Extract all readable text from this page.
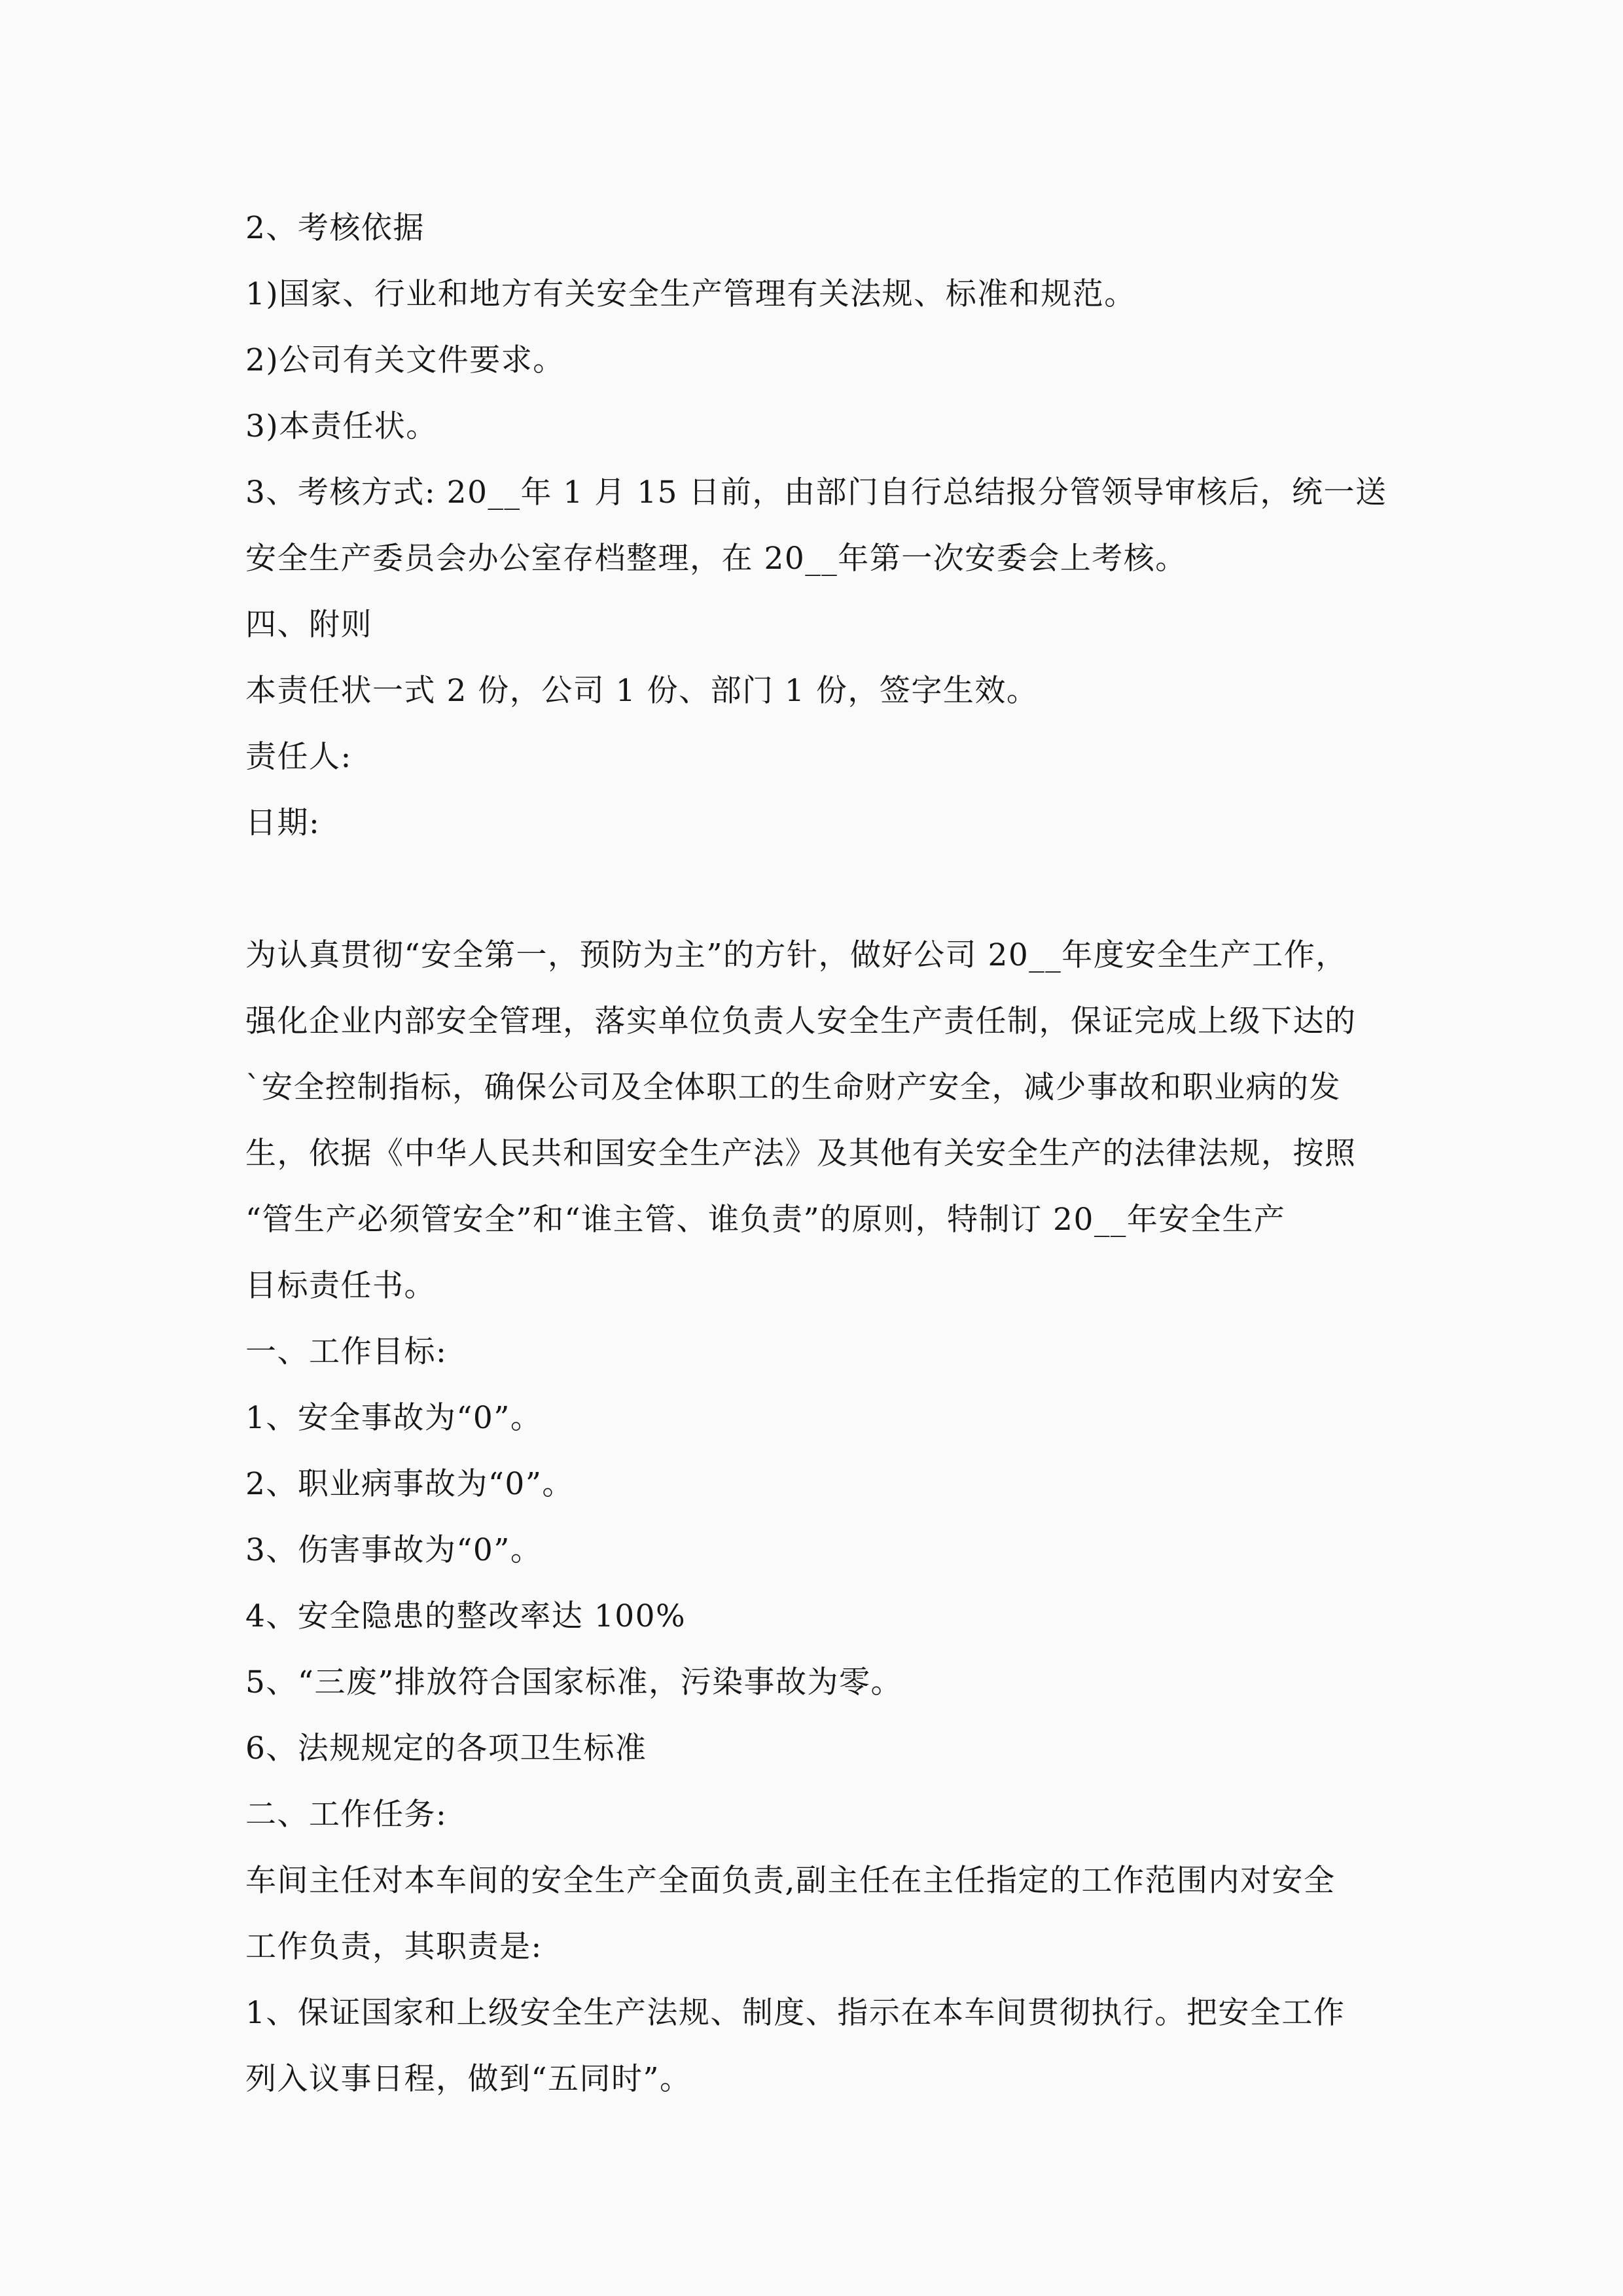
2、考核依据
1)国家、行业和地方有关安全生产管理有关法规、标准和规范。
2)公司有关文件要求。
3)本责任状。
3、考核方式: 20__年 1 月 15 日前，由部门自行总结报分管领导审核后，统一送
安全生产委员会办公室存档整理，在 20__年第一次安委会上考核。
四、附则
本责任状一式 2 份，公司 1 份、部门 1 份，签字生效。
责任人:
日期:
为认真贯彻“安全第一，预防为主”的方针，做好公司 20__年度安全生产工作，
强化企业内部安全管理，落实单位负责人安全生产责任制，保证完成上级下达的
`安全控制指标，确保公司及全体职工的生命财产安全，减少事故和职业病的发
生，依据《中华人民共和国安全生产法》及其他有关安全生产的法律法规，按照
“管生产必须管安全”和“谁主管、谁负责”的原则，特制订 20__年安全生产
目标责任书。
一、工作目标:
1、安全事故为“0”。
2、职业病事故为“0”。
3、伤害事故为“0”。
4、安全隐患的整改率达 100%
5、“三废”排放符合国家标准，污染事故为零。
6、法规规定的各项卫生标准
二、工作任务:
车间主任对本车间的安全生产全面负责,副主任在主任指定的工作范围内对安全
工作负责，其职责是:
1、保证国家和上级安全生产法规、制度、指示在本车间贯彻执行。把安全工作
列入议事日程，做到“五同时”。
